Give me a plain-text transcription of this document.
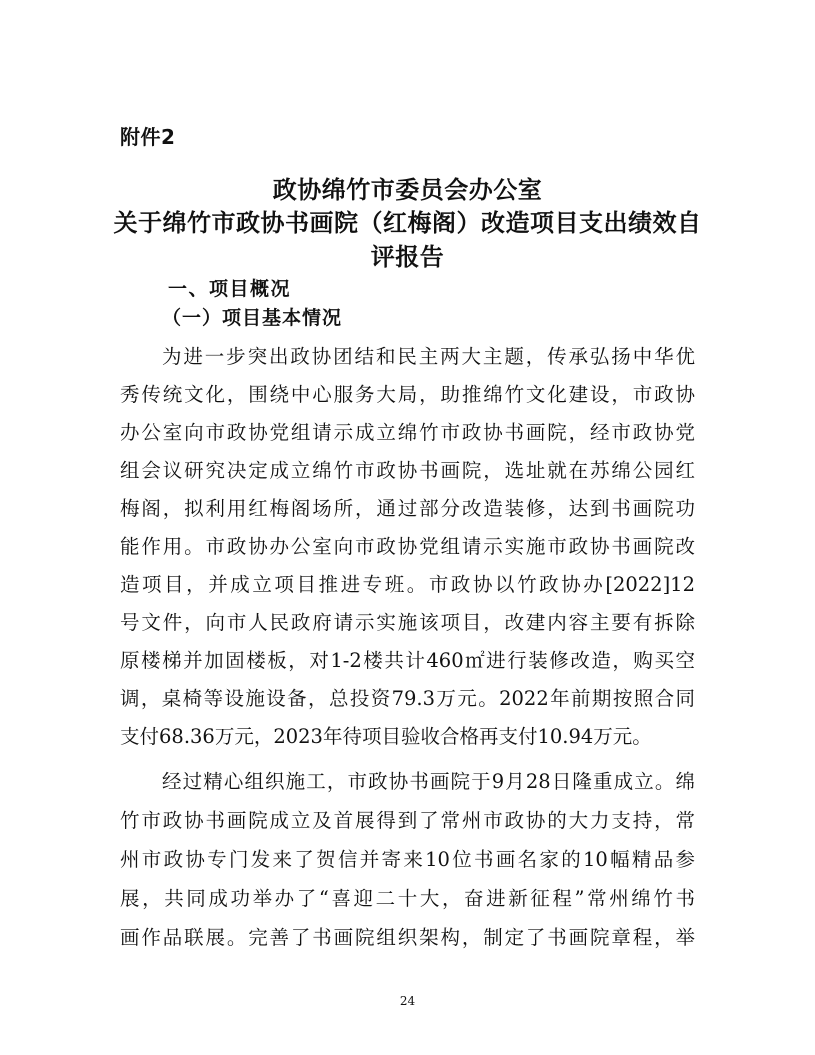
附件2
政协绵竹市委员会办公室
关于绵竹市政协书画院（红梅阁）改造项目支出绩效自
评报告
一、项目概况
（一）项目基本情况
为进一步突出政协团结和民主两大主题，传承弘扬中华优
秀传统文化，围绕中心服务大局，助推绵竹文化建设，市政协
办公室向市政协党组请示成立绵竹市政协书画院，经市政协党
组会议研究决定成立绵竹市政协书画院，选址就在苏绵公园红
梅阁，拟利用红梅阁场所，通过部分改造装修，达到书画院功
能作用。市政协办公室向市政协党组请示实施市政协书画院改
造项目，并成立项目推进专班。市政协以竹政协办[2022]12
号文件，向市人民政府请示实施该项目，改建内容主要有拆除
原楼梯并加固楼板，对1-2楼共计460㎡进行装修改造，购买空
调，桌椅等设施设备，总投资79.3万元。2022年前期按照合同
支付68.36万元，2023年待项目验收合格再支付10.94万元。
经过精心组织施工，市政协书画院于9月28日隆重成立。绵
竹市政协书画院成立及首展得到了常州市政协的大力支持，常
州市政协专门发来了贺信并寄来10位书画名家的10幅精品参
展，共同成功举办了“喜迎二十大，奋进新征程”常州绵竹书
画作品联展。完善了书画院组织架构，制定了书画院章程，举
24
